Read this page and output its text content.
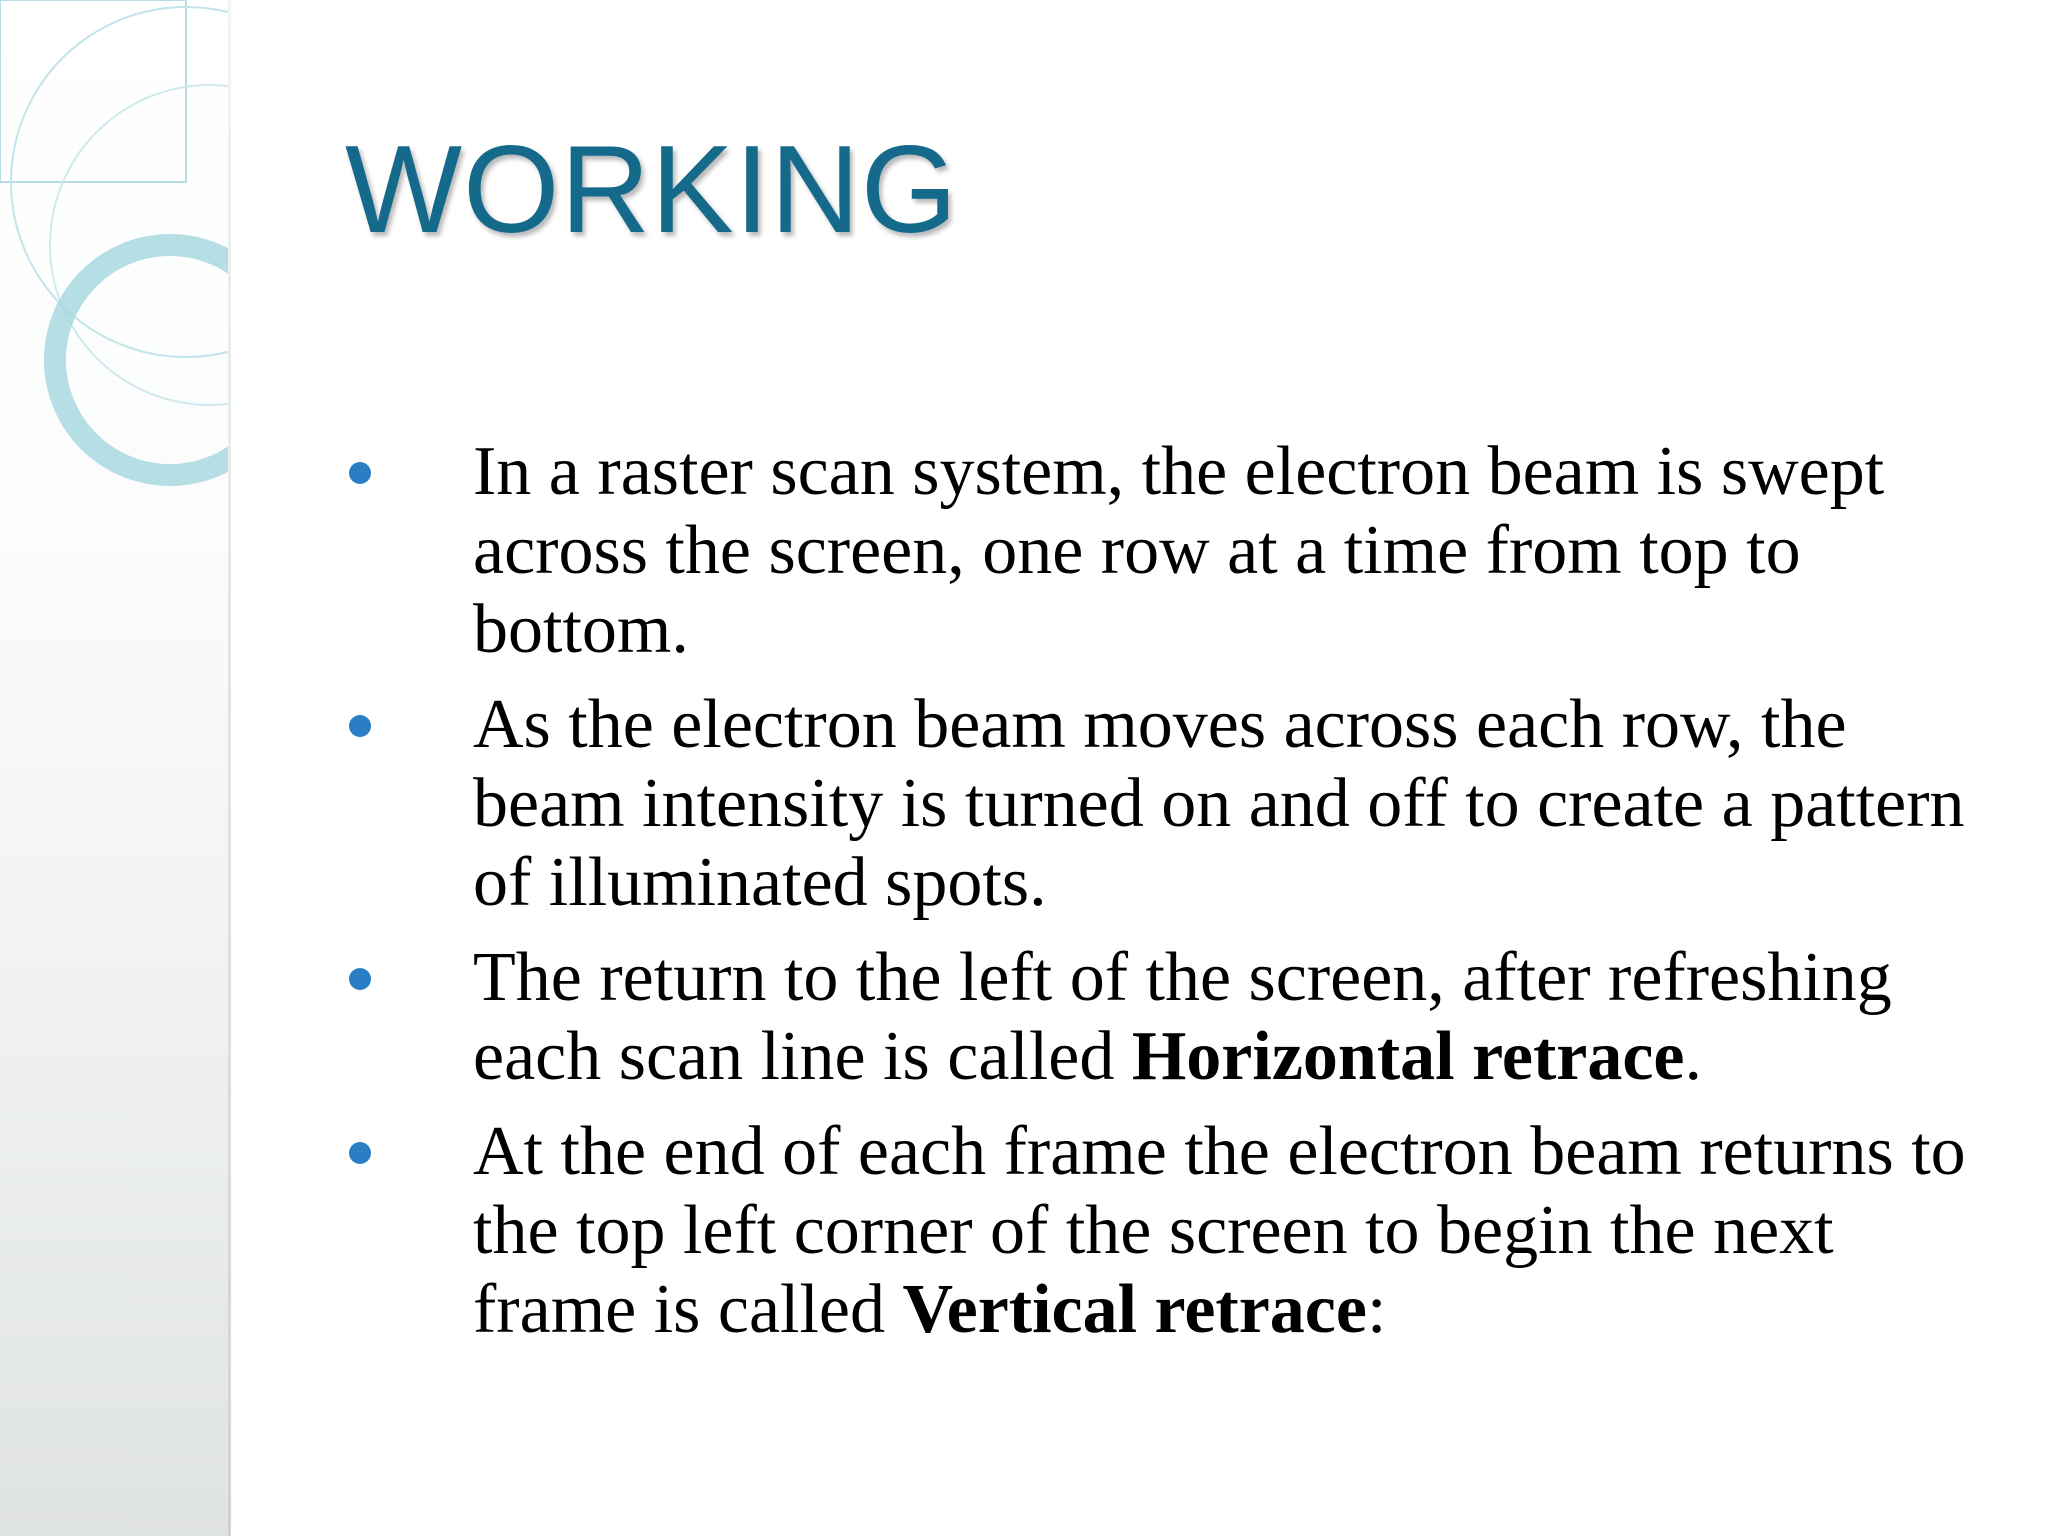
WORKING
In a raster scan system, the electron beam is swept across the screen, one row at a time from top to bottom.
As the electron beam moves across each row, the beam intensity is turned on and off to create a pattern of illuminated spots.
The return to the left of the screen, after refreshing each scan line is called Horizontal retrace.
At the end of each frame the electron beam returns to the top left corner of the screen to begin the next frame is called Vertical retrace:
